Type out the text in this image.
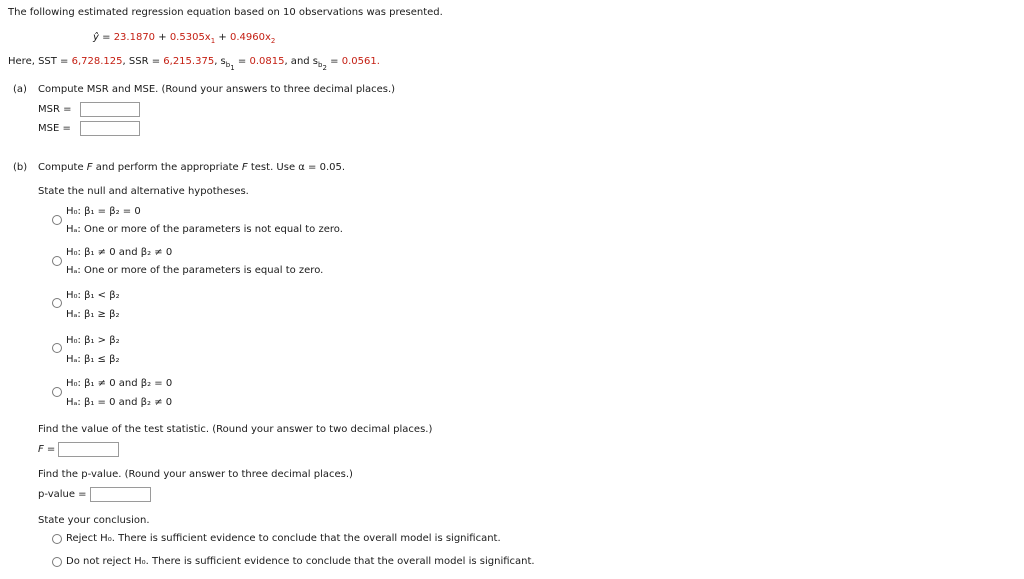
The following estimated regression equation based on 10 observations was presented.
ŷ = $23.1870 + 0.5305x_1 + 0.4960x_2$
Here, SST = 6,728.125, SSR = 6,215.375, $s_{b_1} = 0.0815$, and $s_{b_2} = 0.0561$.
(a) Compute MSR and MSE. (Round your answers to three decimal places.)
MSR =
MSE =
(b) Compute F and perform the appropriate F test. Use α = 0.05.
State the null and alternative hypotheses.
H₀: β₁ = β₂ = 0
Hₐ: One or more of the parameters is not equal to zero.
H₀: β₁ ≠ 0 and β₂ ≠ 0
Hₐ: One or more of the parameters is equal to zero.
H₀: β₁ < β₂
Hₐ: β₁ ≥ β₂
H₀: β₁ > β₂
Hₐ: β₁ ≤ β₂
H₀: β₁ ≠ 0 and β₂ = 0
Hₐ: β₁ = 0 and β₂ ≠ 0
Find the value of the test statistic. (Round your answer to two decimal places.)
F =
Find the p-value. (Round your answer to three decimal places.)
p-value =
State your conclusion.
Reject H₀. There is sufficient evidence to conclude that the overall model is significant.
Do not reject H₀. There is sufficient evidence to conclude that the overall model is significant.
